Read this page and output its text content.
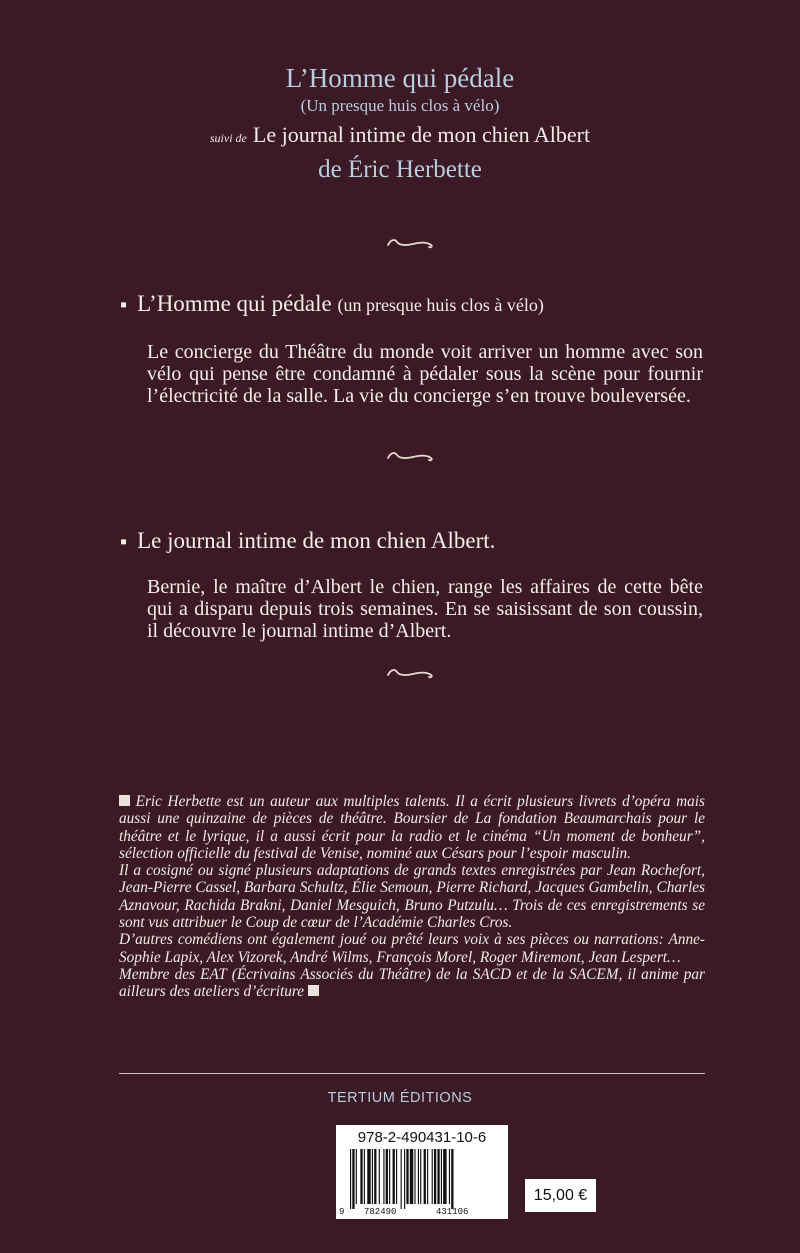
L’Homme qui pédale
(Un presque huis clos à vélo)
suivi de Le journal intime de mon chien Albert
de Éric Herbette
▪ L’Homme qui pédale (un presque huis clos à vélo)
Le concierge du Théâtre du monde voit arriver un homme avec son vélo qui pense être condamné à pédaler sous la scène pour fournir l’électricité de la salle. La vie du concierge s’en trouve bouleversée.
▪ Le journal intime de mon chien Albert.
Bernie, le maître d’Albert le chien, range les affaires de cette bête qui a disparu depuis trois semaines. En se saisissant de son coussin, il découvre le journal intime d’Albert.

Eric Herbette est un auteur aux multiples talents. Il a écrit plusieurs livrets d’opéra mais aussi une quinzaine de pièces de théâtre. Boursier de La fondation Beaumarchais pour le théâtre et le lyrique, il a aussi écrit pour la radio et le cinéma “Un moment de bonheur”, sélection officielle du festival de Venise, nominé aux Césars pour l’espoir masculin.

Il a cosigné ou signé plusieurs adaptations de grands textes enregistrées par Jean Rochefort, Jean-Pierre Cassel, Barbara Schultz, Élie Semoun, Pierre Richard, Jacques Gambelin, Charles Aznavour, Rachida Brakni, Daniel Mesguich, Bruno Putzulu… Trois de ces enregistrements se sont vus attribuer le Coup de cœur de l’Académie Charles Cros.

D’autres comédiens ont également joué ou prêté leurs voix à ses pièces ou narrations: Anne-Sophie Lapix, Alex Vizorek, André Wilms, François Morel, Roger Miremont, Jean Lespert…

Membre des EAT (Écrivains Associés du Théâtre) de la SACD et de la SACEM, il anime par ailleurs des ateliers d’écriture

TERTIUM ÉDITIONS
978-2-490431-10-6
9 782490	431106
15,00 €
